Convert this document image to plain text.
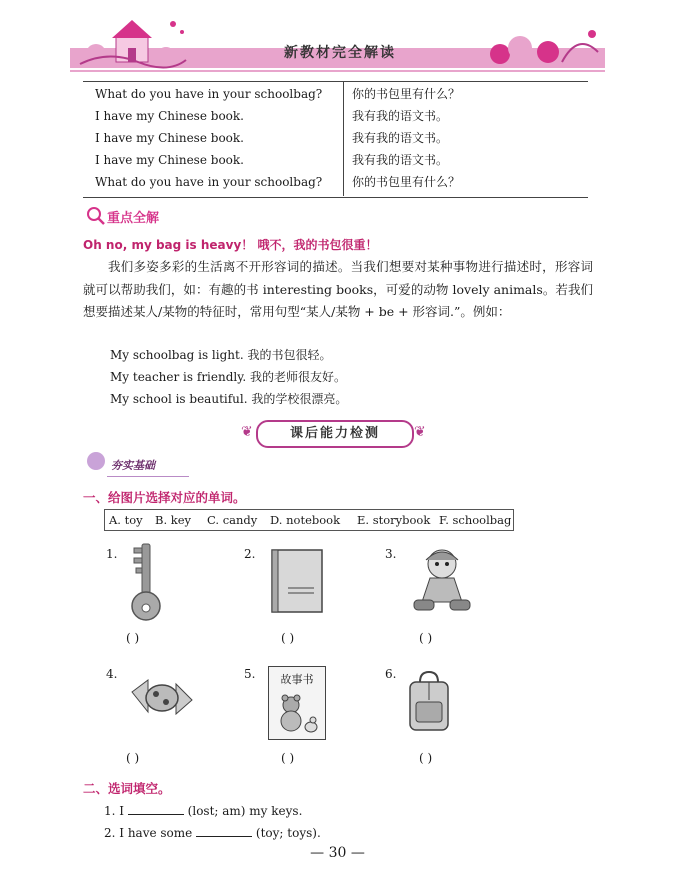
新教材完全解读
What do you have in your schoolbag? 你的书包里有什么？
I have my Chinese book.	我有我的语文书。
I have my Chinese book.	我有我的语文书。
I have my Chinese book.	我有我的语文书。
What do you have in your schoolbag? 你的书包里有什么？
重点全解
Oh no, my bag is heavy！ 哦不，我的书包很重！
我们多姿多彩的生活离不开形容词的描述。当我们想要对某种事物进行描述时，形容词就可以帮助我们，如：有趣的书 interesting books，可爱的动物 lovely animals。若我们想要描述某人/某物的特征时，常用句型“某人/某物 + be + 形容词.”。例如：
My schoolbag is light. 我的书包很轻。
My teacher is friendly. 我的老师很友好。
My school is beautiful. 我的学校很漂亮。
❦	课后能力检测	❦
夯实基础
一、给图片选择对应的单词。
A. toy B. key C. candy D. notebook E. storybook F. schoolbag
1.
( )
2.
( )
3.
( )
4.
( )
5.	故事书
( )
6.
( )
二、选词填空。
1. I	(lost; am) my keys.
2. I have some	(toy; toys).
— 30 —
